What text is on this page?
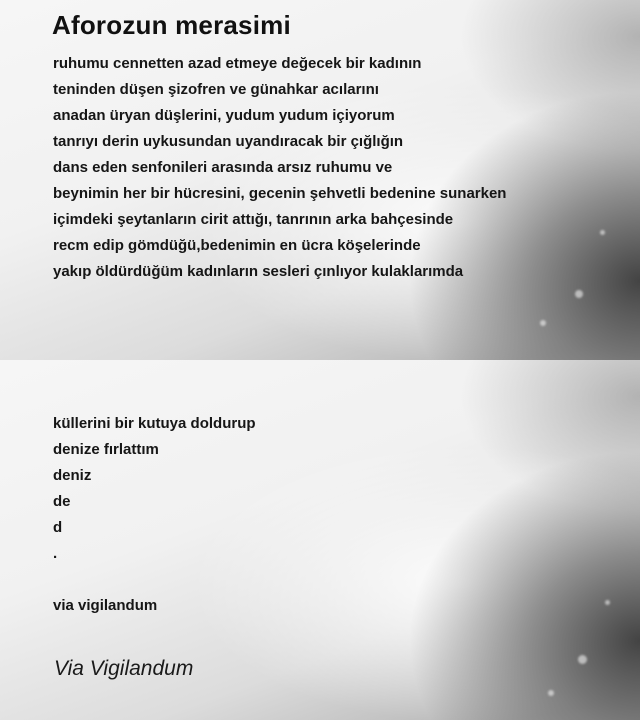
Aforozun merasimi
ruhumu cennetten azad etmeye değecek bir kadının
teninden düşen şizofren ve günahkar acılarını
anadan üryan düşlerini, yudum yudum içiyorum
tanrıyı derin uykusundan uyandıracak bir çığlığın
dans eden senfonileri arasında arsız ruhumu ve
beynimin her bir hücresini, gecenin şehvetli bedenine sunarken
içimdeki şeytanların cirit attığı, tanrının arka bahçesinde
recm edip gömdüğü,bedenimin en ücra köşelerinde
yakıp öldürdüğüm kadınların sesleri çınlıyor kulaklarımda
küllerini bir kutuya doldurup
denize fırlattım
deniz
de
d
.
via vigilandum
Via Vigilandum
